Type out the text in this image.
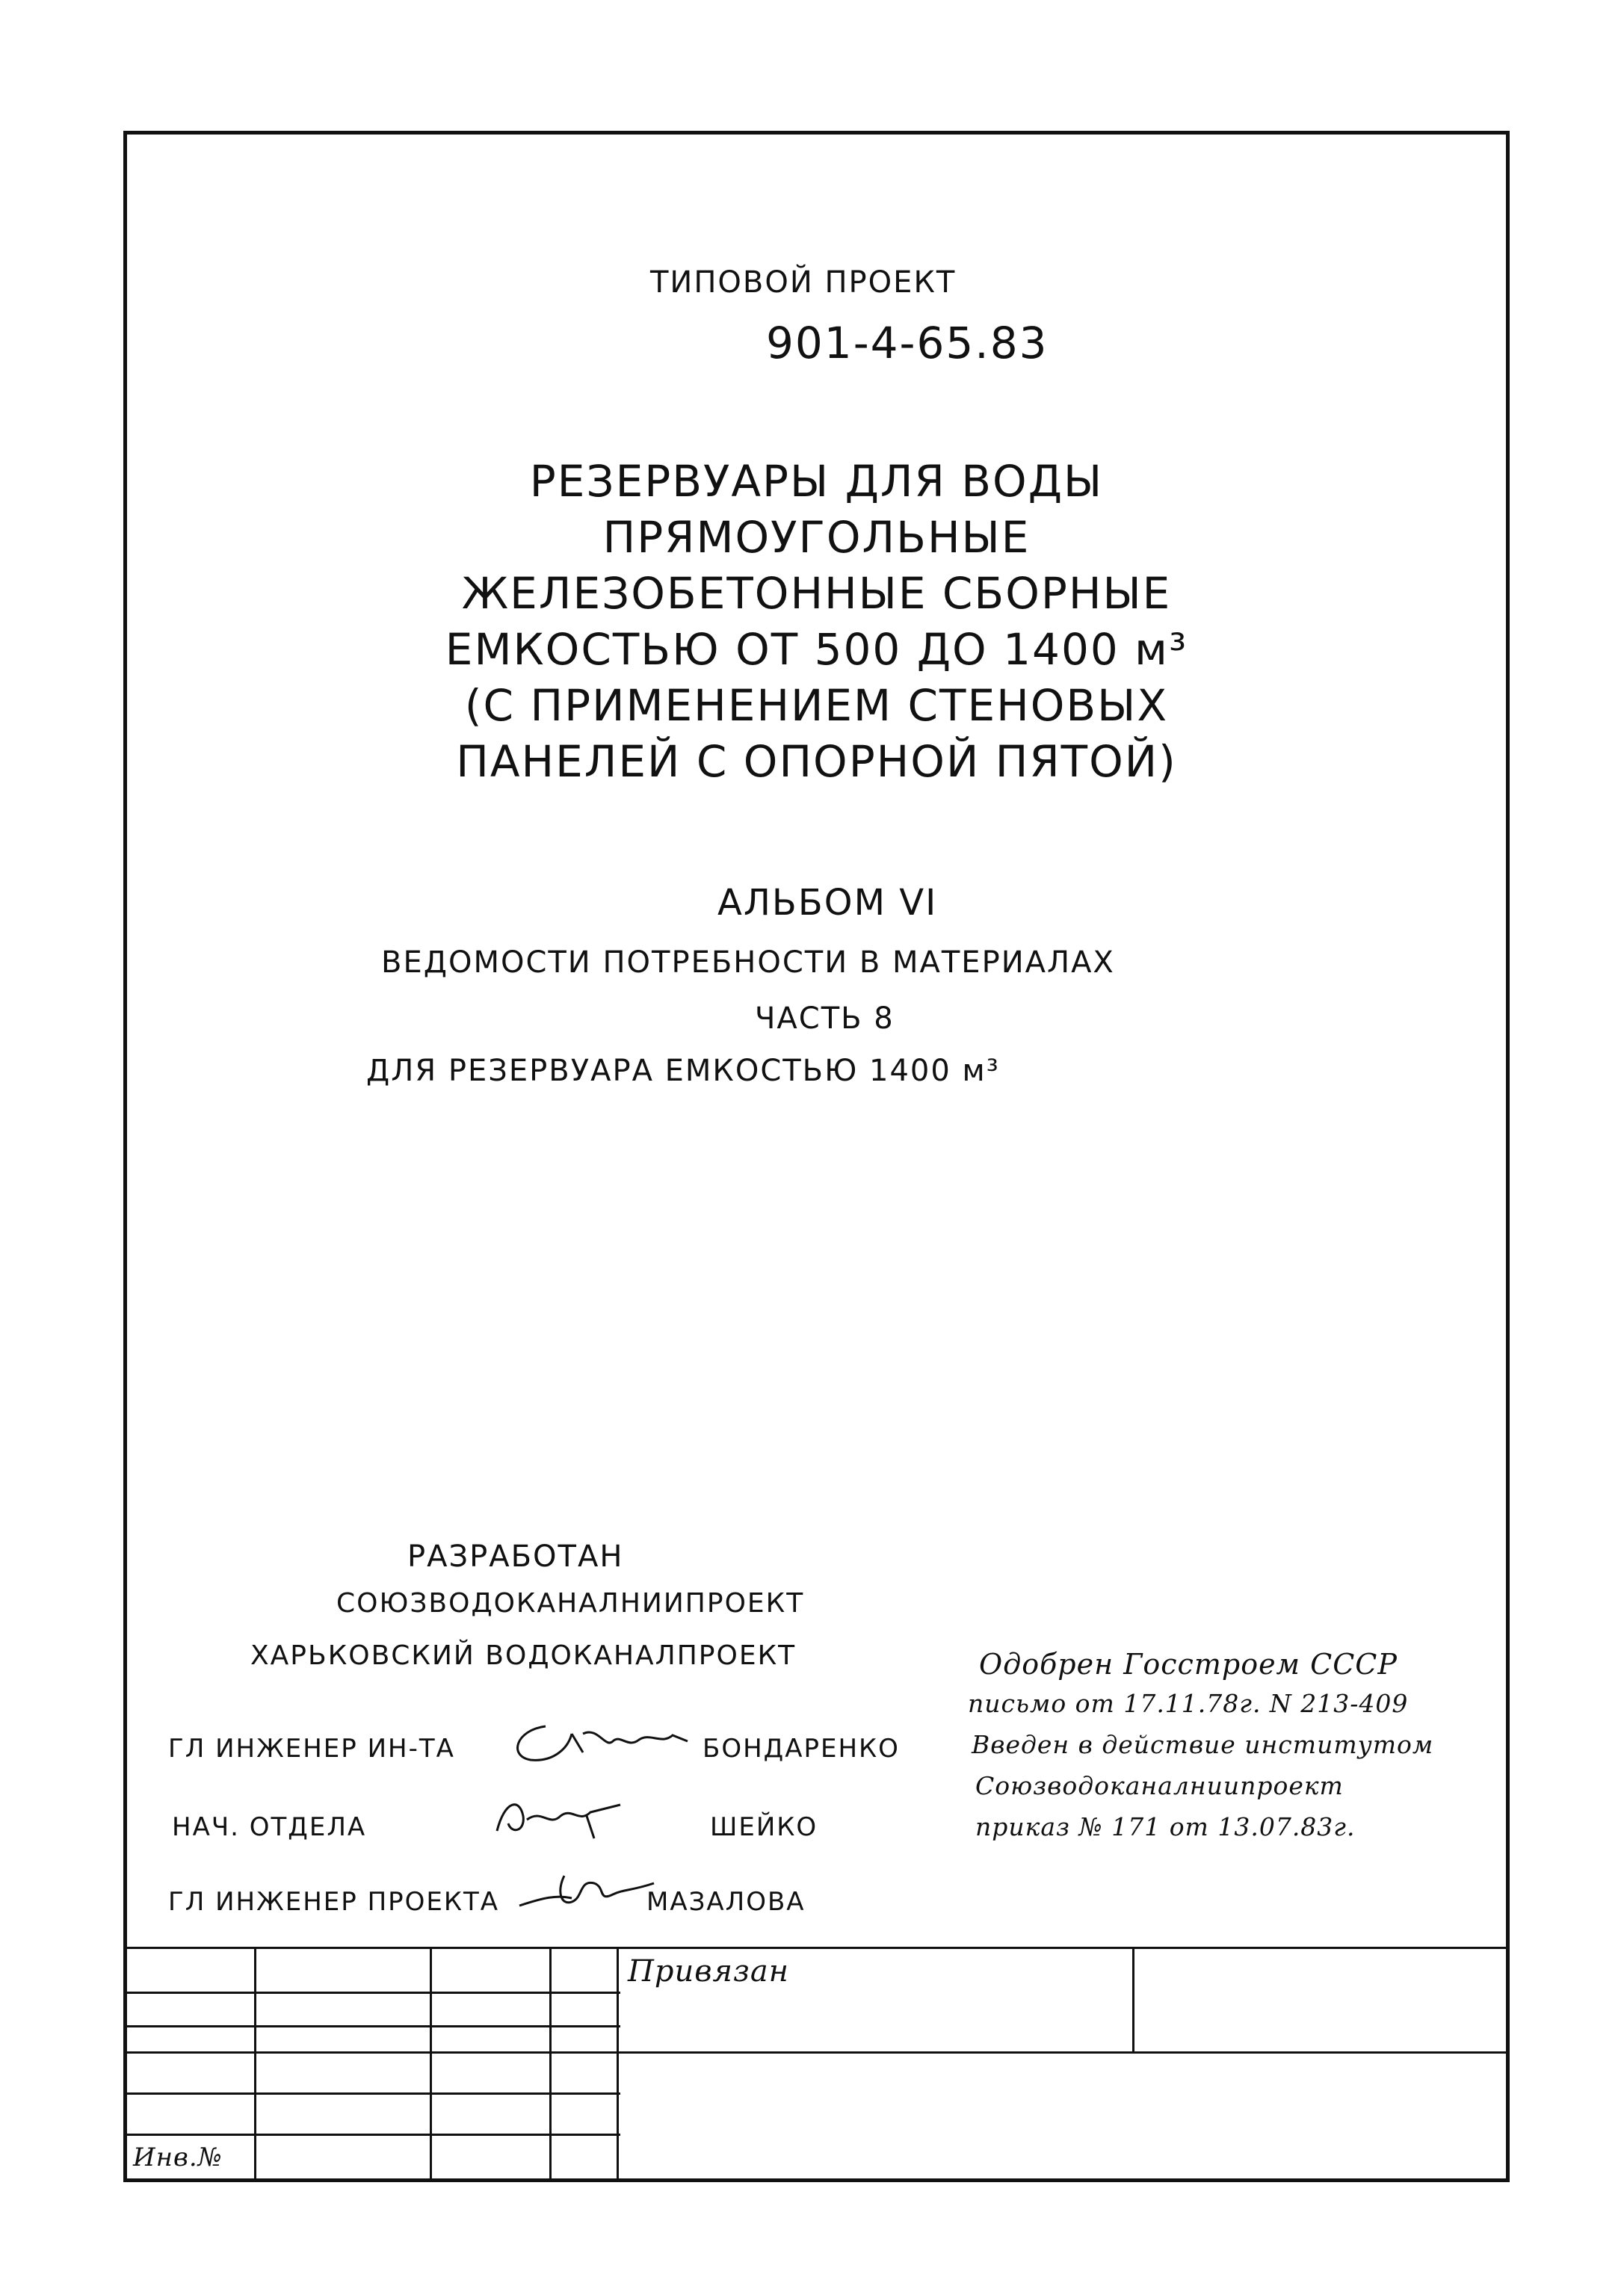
ТИПОВОЙ ПРОЕКТ
901-4-65.83
РЕЗЕРВУАРЫ ДЛЯ ВОДЫ
ПРЯМОУГОЛЬНЫЕ
ЖЕЛЕЗОБЕТОННЫЕ СБОРНЫЕ
ЕМКОСТЬЮ ОТ 500 ДО 1400 м³
(С ПРИМЕНЕНИЕМ СТЕНОВЫХ
ПАНЕЛЕЙ С ОПОРНОЙ ПЯТОЙ)
АЛЬБОМ VI
ВЕДОМОСТИ ПОТРЕБНОСТИ В МАТЕРИАЛАХ
ЧАСТЬ 8
ДЛЯ РЕЗЕРВУАРА ЕМКОСТЬЮ 1400 м³
РАЗРАБОТАН
СОЮЗВОДОКАНАЛНИИПРОЕКТ
ХАРЬКОВСКИЙ ВОДОКАНАЛПРОЕКТ
ГЛ ИНЖЕНЕР ИН-ТА	БОНДАРЕНКО
НАЧ. ОТДЕЛА	ШЕЙКО
ГЛ ИНЖЕНЕР ПРОЕКТА	МАЗАЛОВА
Одобрен Госстроем СССР
письмо от 17.11.78г. N 213-409
Введен в действие институтом
Союзводоканалниипроект
приказ № 171 от 13.07.83г.
Привязан
Инв.№
